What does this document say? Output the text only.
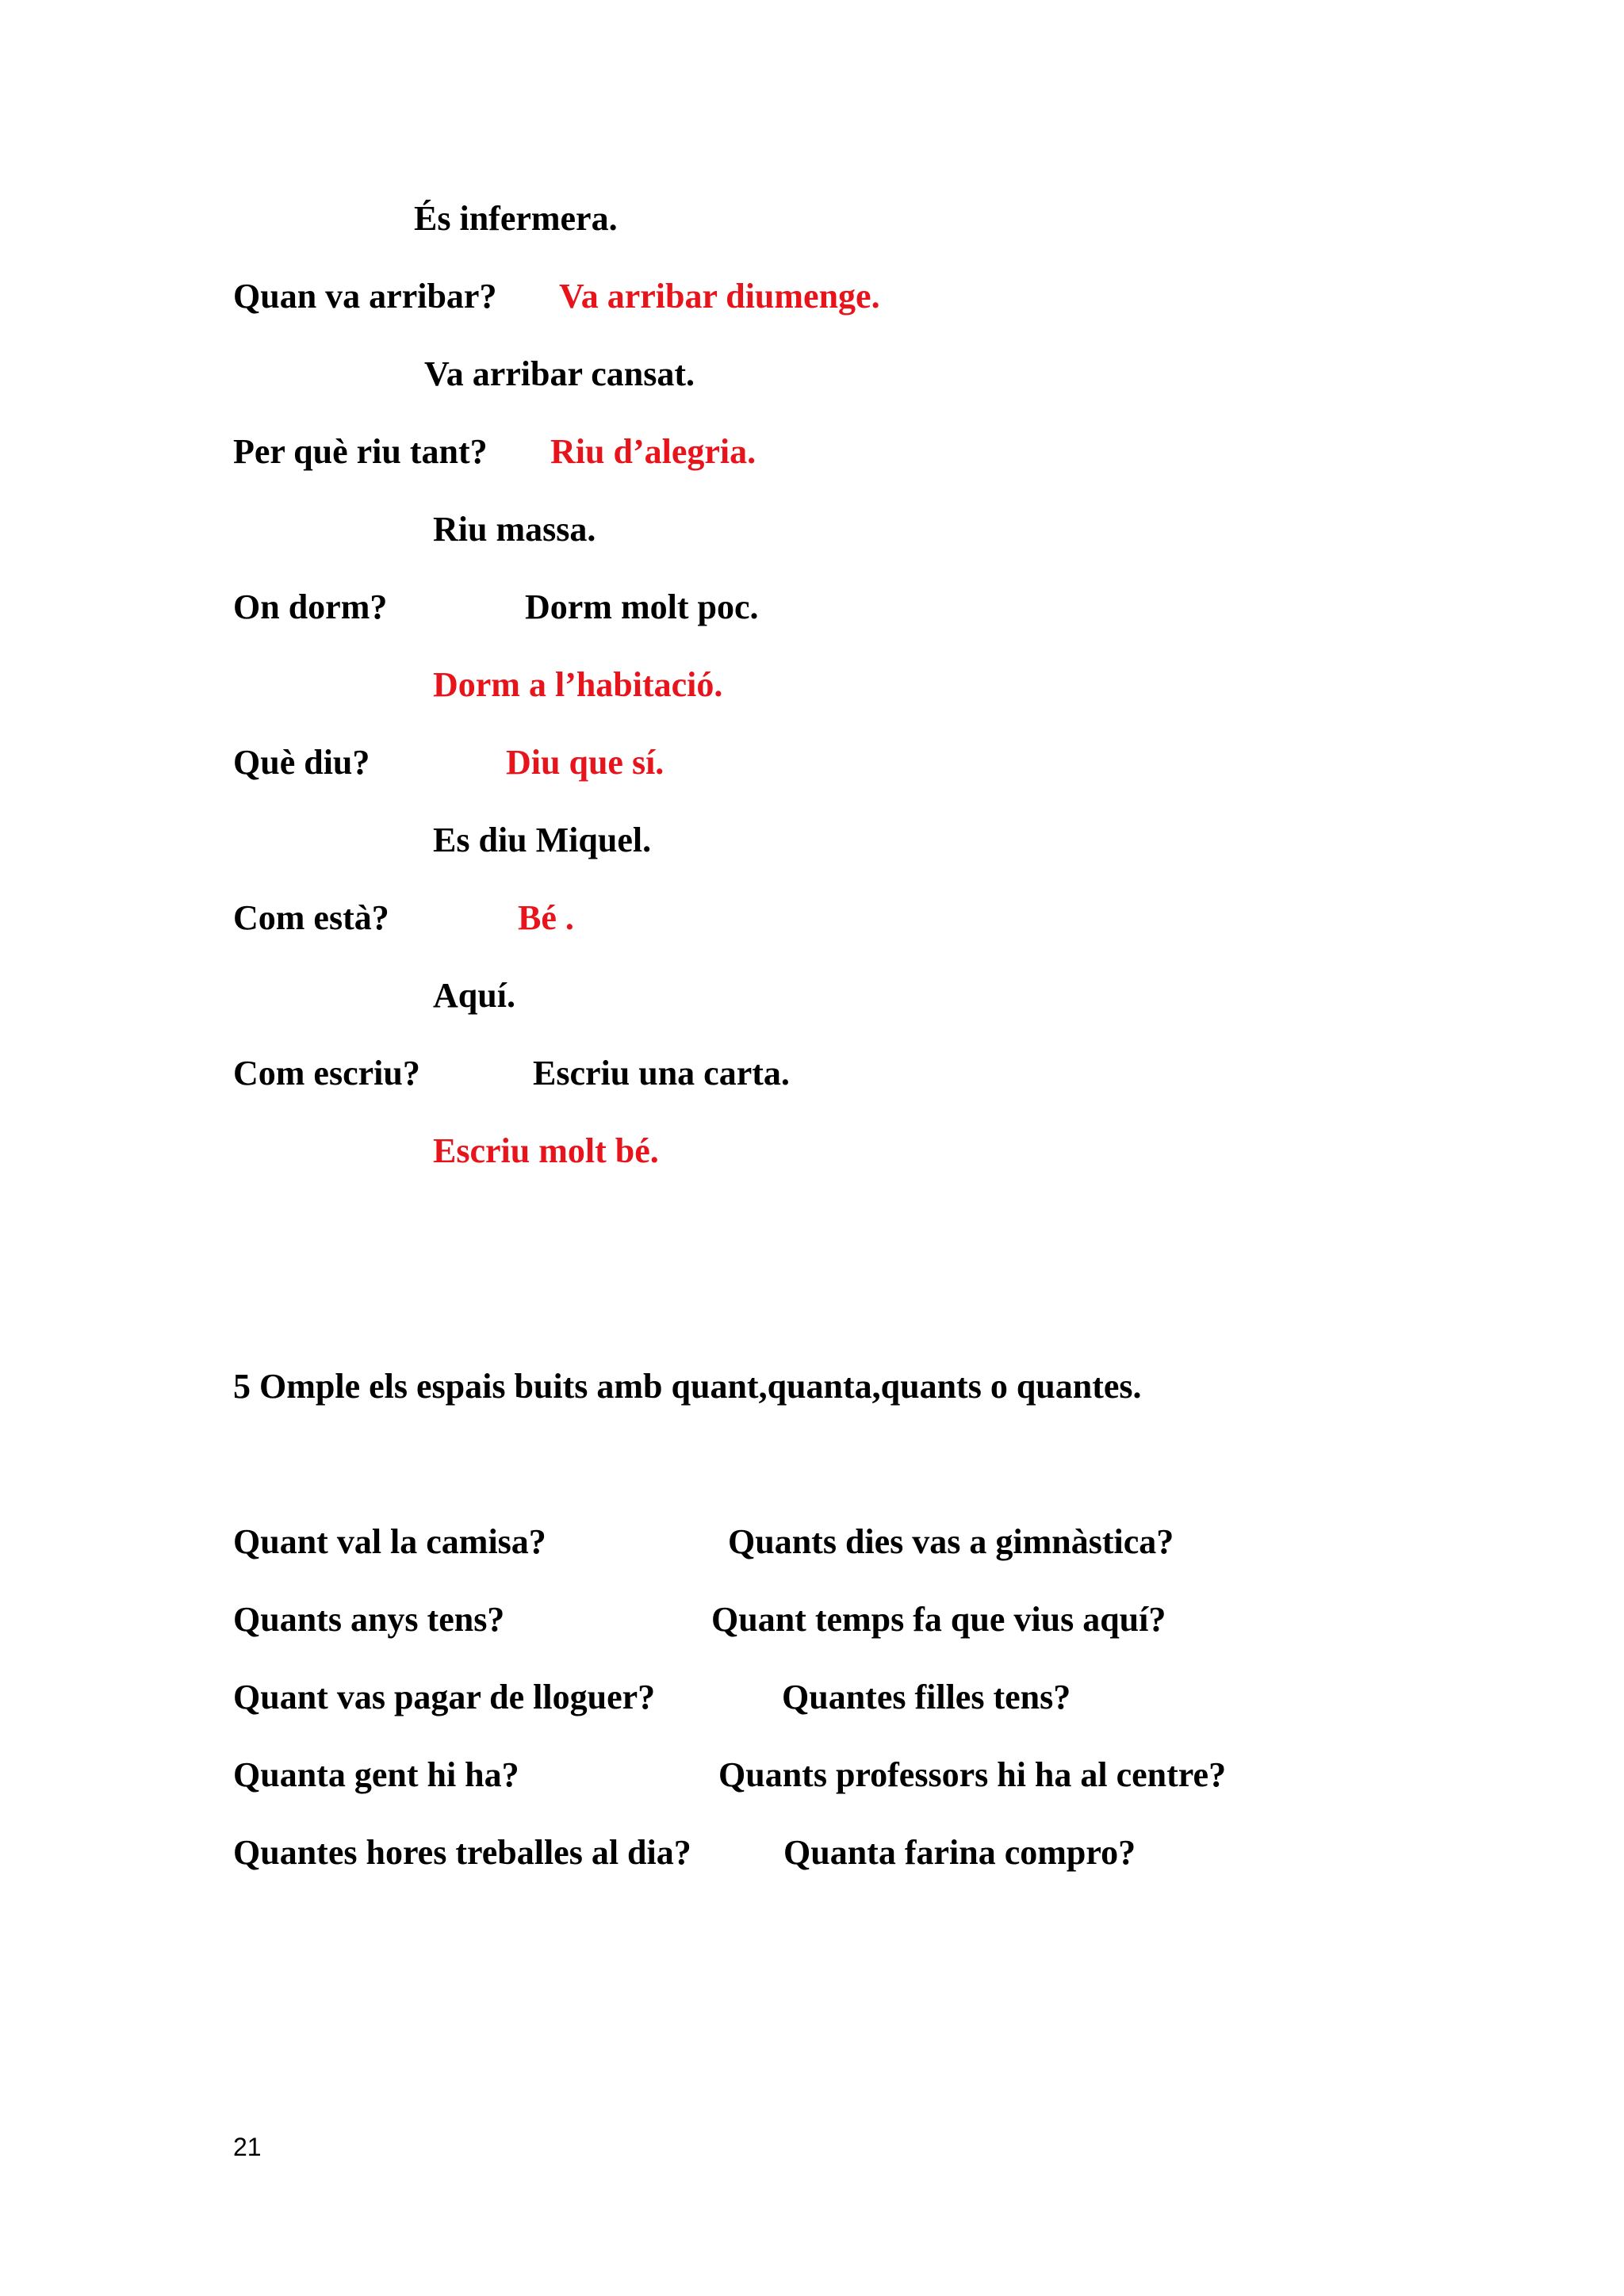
És infermera.
Quan va arribar? Va arribar diumenge.
Va arribar cansat.
Per què riu tant? Riu d’alegria.
Riu massa.
On dorm?	Dorm molt poc.
Dorm a l’habitació.
Què diu?	Diu que sí.
Es diu Miquel.
Com està?	Bé .
Aquí.
Com escriu?	Escriu una carta.
Escriu molt bé.
5 Omple els espais buits amb quant,quanta,quants o quantes.
Quant val la camisa?	Quants dies vas a gimnàstica?
Quants anys tens?	Quant temps fa que vius aquí?
Quant vas pagar de lloguer?	Quantes filles tens?
Quanta gent hi ha?	Quants professors hi ha al centre?
Quantes hores treballes al dia?	Quanta farina compro?
21
